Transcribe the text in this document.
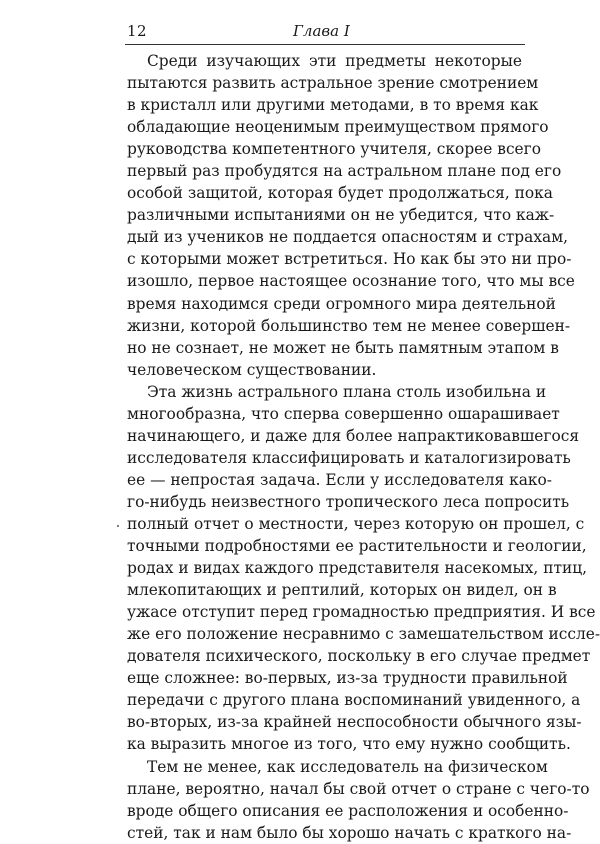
12	Глава I
Среди изучающих эти предметы некоторые
пытаются развить астральное зрение смотрением
в кристалл или другими методами, в то время как
обладающие неоценимым преимуществом прямого
руководства компетентного учителя, скорее всего
первый раз пробудятся на астральном плане под его
особой защитой, которая будет продолжаться, пока
различными испытаниями он не убедится, что каж-
дый из учеников не поддается опасностям и страхам,
с которыми может встретиться. Но как бы это ни про-
изошло, первое настоящее осознание того, что мы все
время находимся среди огромного мира деятельной
жизни, которой большинство тем не менее совершен-
но не сознает, не может не быть памятным этапом в
человеческом существовании.
Эта жизнь астрального плана столь изобильна и
многообразна, что сперва совершенно ошарашивает
начинающего, и даже для более напрактиковавшегося
исследователя классифицировать и каталогизировать
ее — непростая задача. Если у исследователя како-
го-нибудь неизвестного тропического леса попросить
полный отчет о местности, через которую он прошел, с
точными подробностями ее растительности и геологии,
родах и видах каждого представителя насекомых, птиц,
млекопитающих и рептилий, которых он видел, он в
ужасе отступит перед громадностью предприятия. И все
же его положение несравнимо с замешательством иссле-
дователя психического, поскольку в его случае предмет
еще сложнее: во-первых, из-за трудности правильной
передачи с другого плана воспоминаний увиденного, а
во-вторых, из-за крайней неспособности обычного язы-
ка выразить многое из того, что ему нужно сообщить.
Тем не менее, как исследователь на физическом
плане, вероятно, начал бы свой отчет о стране с чего-то
вроде общего описания ее расположения и особенно-
стей, так и нам было бы хорошо начать с краткого на-
